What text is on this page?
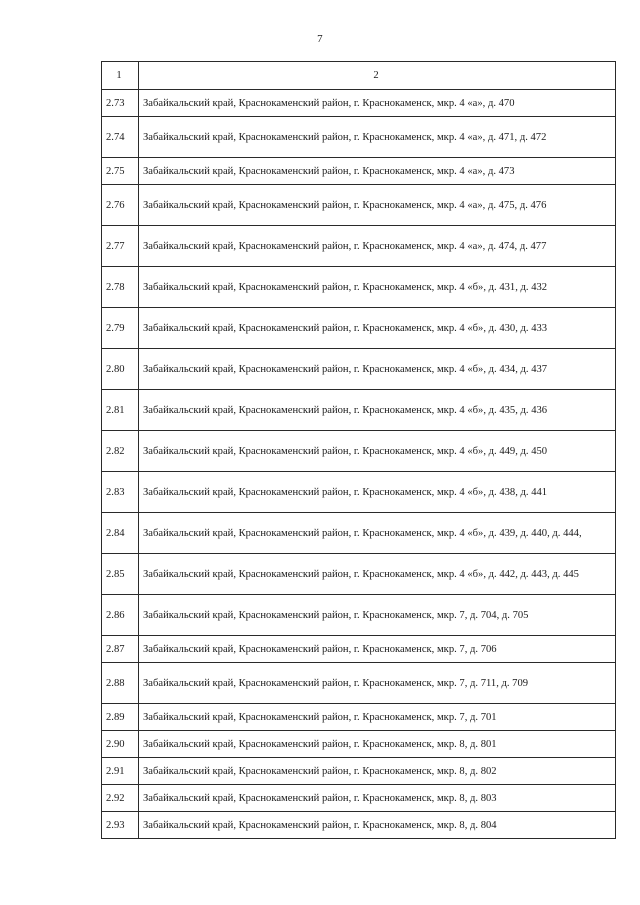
7
1	2
2.73	Забайкальский край, Краснокаменский район, г. Краснокаменск, мкр. 4 «а», д. 470
2.74	Забайкальский край, Краснокаменский район, г. Краснокаменск, мкр. 4 «а», д. 471, д. 472
2.75	Забайкальский край, Краснокаменский район, г. Краснокаменск, мкр. 4 «а», д. 473
2.76	Забайкальский край, Краснокаменский район, г. Краснокаменск, мкр. 4 «а», д. 475, д. 476
2.77	Забайкальский край, Краснокаменский район, г. Краснокаменск, мкр. 4 «а», д. 474, д. 477
2.78	Забайкальский край, Краснокаменский район, г. Краснокаменск, мкр. 4 «б», д. 431, д. 432
2.79	Забайкальский край, Краснокаменский район, г. Краснокаменск, мкр. 4 «б», д. 430, д. 433
2.80	Забайкальский край, Краснокаменский район, г. Краснокаменск, мкр. 4 «б», д. 434, д. 437
2.81	Забайкальский край, Краснокаменский район, г. Краснокаменск, мкр. 4 «б», д. 435, д. 436
2.82	Забайкальский край, Краснокаменский район, г. Краснокаменск, мкр. 4 «б», д. 449, д. 450
2.83	Забайкальский край, Краснокаменский район, г. Краснокаменск, мкр. 4 «б», д. 438, д. 441
2.84	Забайкальский край, Краснокаменский район, г. Краснокаменск, мкр. 4 «б», д. 439, д. 440, д. 444,
2.85	Забайкальский край, Краснокаменский район, г. Краснокаменск, мкр. 4 «б», д. 442, д. 443, д. 445
2.86	Забайкальский край, Краснокаменский район, г. Краснокаменск, мкр. 7, д. 704, д. 705
2.87	Забайкальский край, Краснокаменский район, г. Краснокаменск, мкр. 7, д. 706
2.88	Забайкальский край, Краснокаменский район, г. Краснокаменск, мкр. 7, д. 711, д. 709
2.89	Забайкальский край, Краснокаменский район, г. Краснокаменск, мкр. 7, д. 701
2.90	Забайкальский край, Краснокаменский район, г. Краснокаменск, мкр. 8, д. 801
2.91	Забайкальский край, Краснокаменский район, г. Краснокаменск, мкр. 8, д. 802
2.92	Забайкальский край, Краснокаменский район, г. Краснокаменск, мкр. 8, д. 803
2.93	Забайкальский край, Краснокаменский район, г. Краснокаменск, мкр. 8, д. 804
